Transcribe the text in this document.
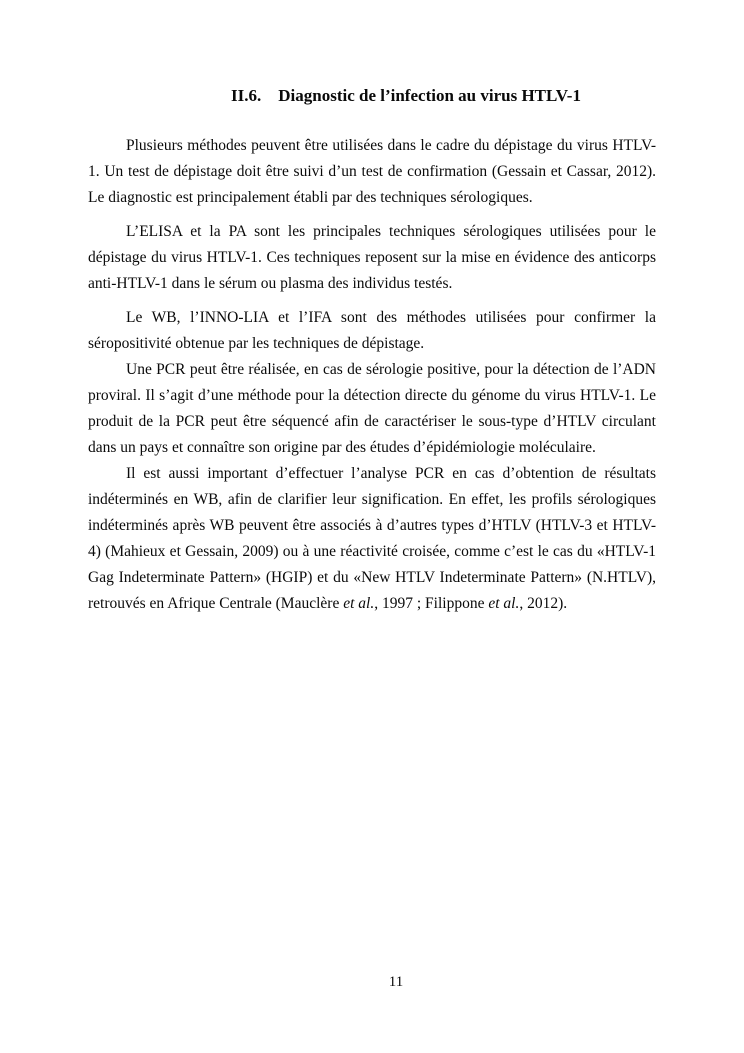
II.6. Diagnostic de l’infection au virus HTLV-1

Plusieurs méthodes peuvent être utilisées dans le cadre du dépistage du virus HTLV-1. Un test de dépistage doit être suivi d’un test de confirmation (Gessain et Cassar, 2012). Le diagnostic est principalement établi par des techniques sérologiques.

L’ELISA et la PA sont les principales techniques sérologiques utilisées pour le dépistage du virus HTLV-1. Ces techniques reposent sur la mise en évidence des anticorps anti-HTLV-1 dans le sérum ou plasma des individus testés.

Le WB, l’INNO-LIA et l’IFA sont des méthodes utilisées pour confirmer la séropositivité obtenue par les techniques de dépistage.

Une PCR peut être réalisée, en cas de sérologie positive, pour la détection de l’ADN proviral. Il s’agit d’une méthode pour la détection directe du génome du virus HTLV-1. Le produit de la PCR peut être séquencé afin de caractériser le sous-type d’HTLV circulant dans un pays et connaître son origine par des études d’épidémiologie moléculaire.

Il est aussi important d’effectuer l’analyse PCR en cas d’obtention de résultats indéterminés en WB, afin de clarifier leur signification. En effet, les profils sérologiques indéterminés après WB peuvent être associés à d’autres types d’HTLV (HTLV-3 et HTLV-4) (Mahieux et Gessain, 2009) ou à une réactivité croisée, comme c’est le cas du «HTLV-1 Gag Indeterminate Pattern» (HGIP) et du «New HTLV Indeterminate Pattern» (N.HTLV), retrouvés en Afrique Centrale (Mauclère et al., 1997 ; Filippone et al., 2012).

11
